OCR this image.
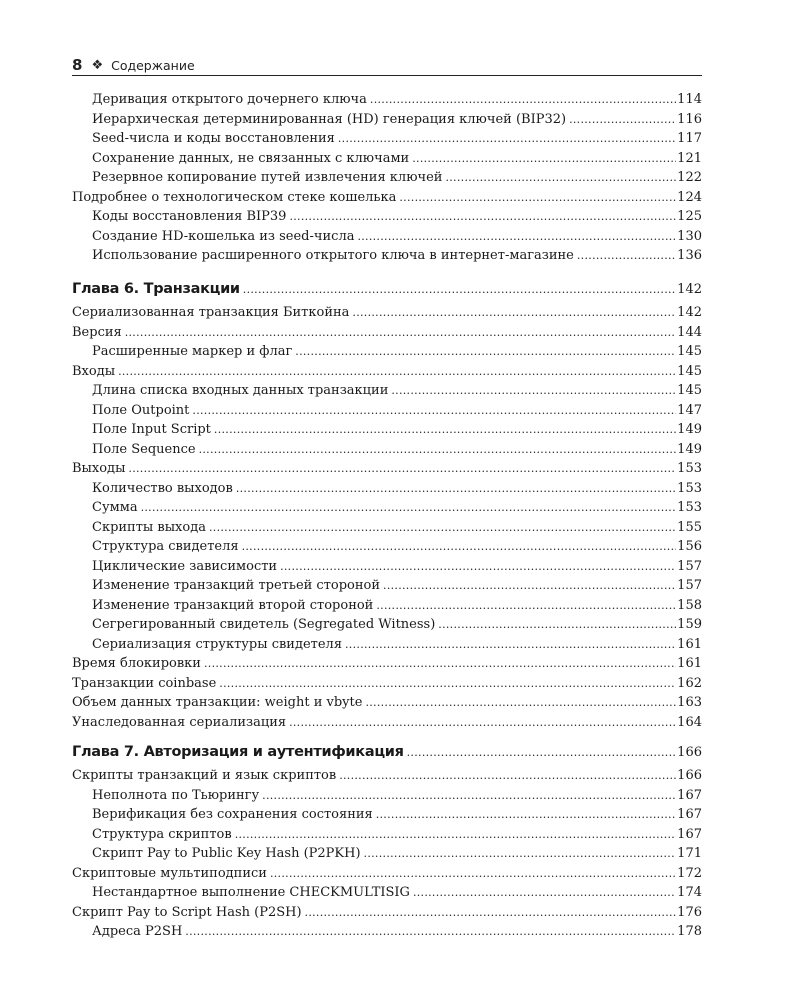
8 ❖ Содержание
Деривация открытого дочернего ключа .....	114
Иерархическая детерминированная (HD) генерация ключей (BIP32) .....	116
Seed-числа и коды восстановления .....	117
Сохранение данных, не связанных с ключами .....	121
Резервное копирование путей извлечения ключей .....	122
Подробнее о технологическом стеке кошелька .....	124
Коды восстановления BIP39 .....	125
Создание HD-кошелька из seed-числа .....	130
Использование расширенного открытого ключа в интернет-магазине .....	136
Глава 6. Транзакции .....	142
Сериализованная транзакция Биткойна .....	142
Версия .....	144
Расширенные маркер и флаг .....	145
Входы .....	145
Длина списка входных данных транзакции .....	145
Поле Outpoint .....	147
Поле Input Script .....	149
Поле Sequence .....	149
Выходы .....	153
Количество выходов .....	153
Сумма .....	153
Скрипты выхода .....	155
Структура свидетеля .....	156
Циклические зависимости .....	157
Изменение транзакций третьей стороной .....	157
Изменение транзакций второй стороной .....	158
Сегрегированный свидетель (Segregated Witness) .....	159
Сериализация структуры свидетеля .....	161
Время блокировки .....	161
Транзакции coinbase .....	162
Объем данных транзакции: weight и vbyte .....	163
Унаследованная сериализация .....	164
Глава 7. Авторизация и аутентификация .....	166
Скрипты транзакций и язык скриптов .....	166
Неполнота по Тьюрингу .....	167
Верификация без сохранения состояния .....	167
Структура скриптов .....	167
Скрипт Pay to Public Key Hash (P2PKH) .....	171
Скриптовые мультиподписи .....	172
Нестандартное выполнение CHECKMULTISIG .....	174
Скрипт Pay to Script Hash (P2SH) .....	176
Адреса P2SH .....	178
